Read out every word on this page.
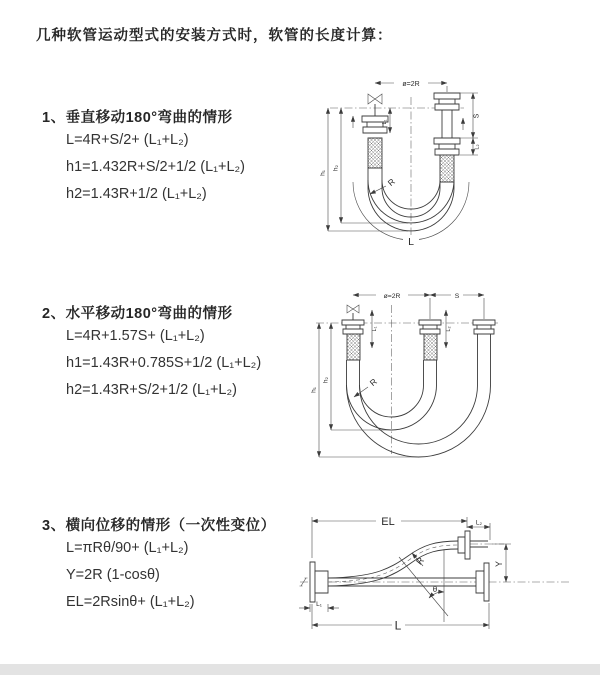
几种软管运动型式的安装方式时，软管的长度计算：
1、垂直移动180°弯曲的情形
L=4R+S/2+ (L₁+L₂)
h1=1.432R+S/2+1/2 (L₁+L₂)
h2=1.43R+1/2 (L₁+L₂)
2、水平移动180°弯曲的情形
L=4R+1.57S+ (L₁+L₂)
h1=1.43R+0.785S+1/2 (L₁+L₂)
h2=1.43R+S/2+1/2 (L₁+L₂)
3、横向位移的情形（一次性变位）
L=πRθ/90+ (L₁+L₂)
Y=2R (1-cosθ)
EL=2Rsinθ+ (L₁+L₂)
ø=2R
h₁
h₂
L₁
S
L₂
R
L
ø=2R	S
h₁
h₂
L₁	L₂
R
EL	L₂
Y
L
L₁
R
θ
